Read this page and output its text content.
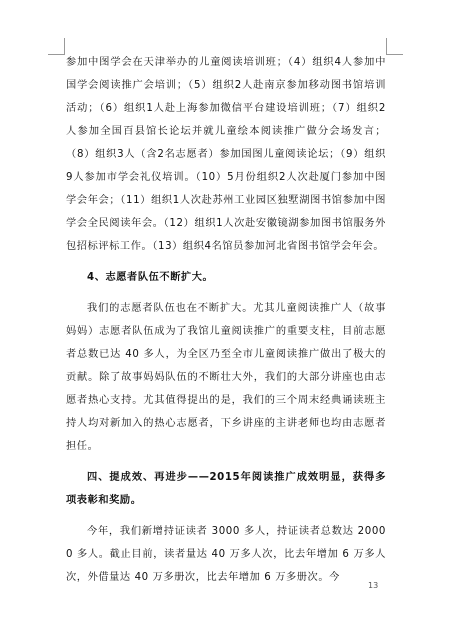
参加中图学会在天津举办的儿童阅读培训班；（4）组织4人参加中国学会阅读推广会培训；（5）组织2人赴南京参加移动图书馆培训活动；（6）组织1人赴上海参加微信平台建设培训班；（7）组织2人参加全国百县馆长论坛并就儿童绘本阅读推广做分会场发言；（8）组织3人（含2名志愿者）参加国图儿童阅读论坛；（9）组织9人参加市学会礼仪培训。（10）5月份组织2人次赴厦门参加中图学会年会；（11）组织1人次赴苏州工业园区独墅湖图书馆参加中图学会全民阅读年会。（12）组织1人次赴安徽镜湖参加图书馆服务外包招标评标工作。（13）组织4名馆员参加河北省图书馆学会年会。

4、志愿者队伍不断扩大。

我们的志愿者队伍也在不断扩大。尤其儿童阅读推广人（故事妈妈）志愿者队伍成为了我馆儿童阅读推广的重要支柱，目前志愿者总数已达 40 多人，为全区乃至全市儿童阅读推广做出了极大的贡献。除了故事妈妈队伍的不断壮大外，我们的大部分讲座也由志愿者热心支持。尤其值得提出的是，我们的三个周末经典诵读班主持人均对新加入的热心志愿者，下乡讲座的主讲老师也均由志愿者担任。

四、提成效、再进步——2015年阅读推广成效明显，获得多项表彰和奖励。

今年，我们新增持证读者 3000 多人，持证读者总数达 20000 多人。截止目前，读者量达 40 万多人次，比去年增加 6 万多人次，外借量达 40 万多册次，比去年增加 6 万多册次。今

13
